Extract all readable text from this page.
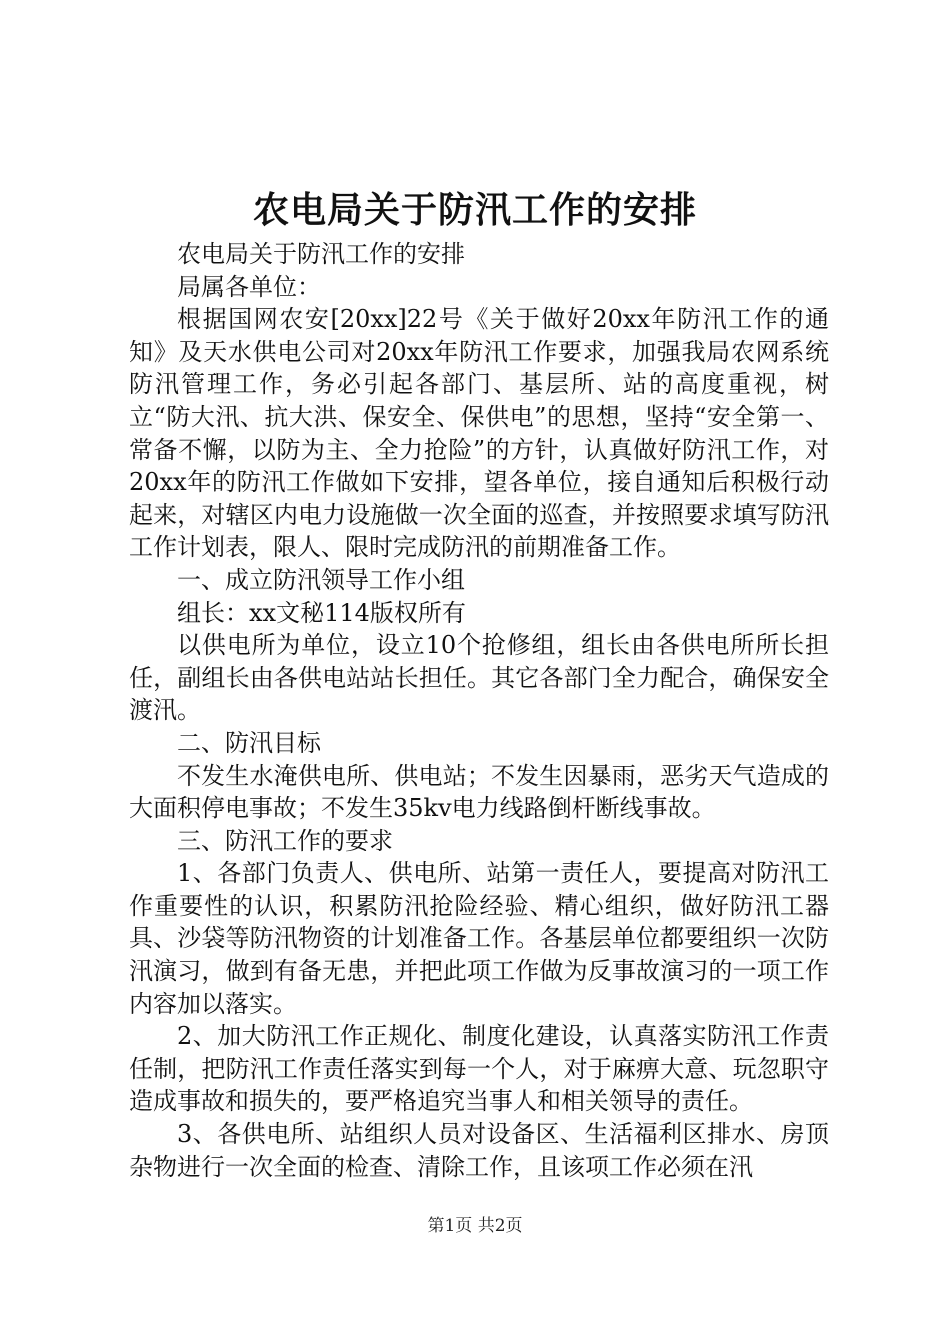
农电局关于防汛工作的安排

农电局关于防汛工作的安排

局属各单位：

根据国网农安[20xx]22号《关于做好20xx年防汛工作的通知》及天水供电公司对20xx年防汛工作要求，加强我局农网系统防汛管理工作，务必引起各部门、基层所、站的高度重视，树立“防大汛、抗大洪、保安全、保供电”的思想，坚持“安全第一、常备不懈，以防为主、全力抢险”的方针，认真做好防汛工作，对20xx年的防汛工作做如下安排，望各单位，接自通知后积极行动起来，对辖区内电力设施做一次全面的巡查，并按照要求填写防汛工作计划表，限人、限时完成防汛的前期准备工作。

一、成立防汛领导工作小组

组长：xx文秘114版权所有

以供电所为单位，设立10个抢修组，组长由各供电所所长担任，副组长由各供电站站长担任。其它各部门全力配合，确保安全渡汛。

二、防汛目标

不发生水淹供电所、供电站；不发生因暴雨，恶劣天气造成的大面积停电事故；不发生35kv电力线路倒杆断线事故。

三、防汛工作的要求

1、各部门负责人、供电所、站第一责任人，要提高对防汛工作重要性的认识，积累防汛抢险经验、精心组织，做好防汛工器具、沙袋等防汛物资的计划准备工作。各基层单位都要组织一次防汛演习，做到有备无患，并把此项工作做为反事故演习的一项工作内容加以落实。

2、加大防汛工作正规化、制度化建设，认真落实防汛工作责任制，把防汛工作责任落实到每一个人，对于麻痹大意、玩忽职守造成事故和损失的，要严格追究当事人和相关领导的责任。

3、各供电所、站组织人员对设备区、生活福利区排水、房顶杂物进行一次全面的检查、清除工作，且该项工作必须在汛

第1页 共2页
